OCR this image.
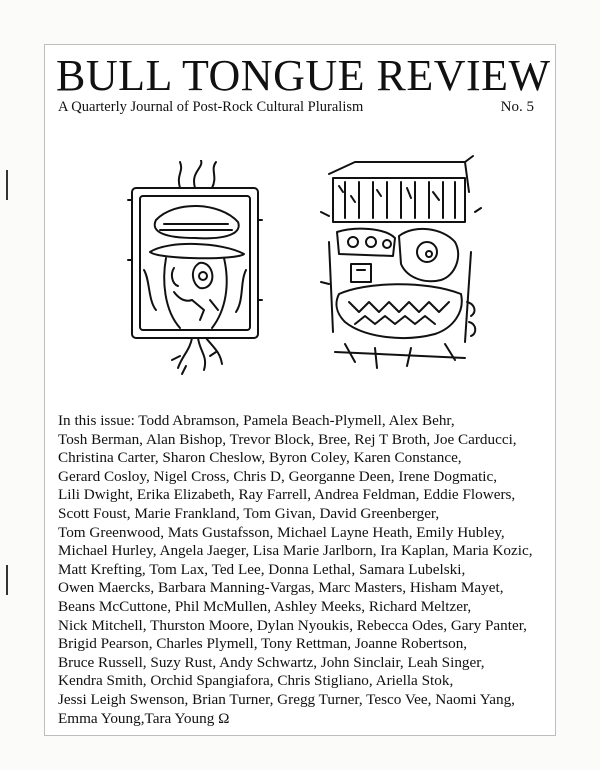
BULL TONGUE REVIEW
A Quarterly Journal of Post-Rock Cultural Pluralism	No. 5
In this issue: Todd Abramson, Pamela Beach-Plymell, Alex Behr,
Tosh Berman, Alan Bishop, Trevor Block, Bree, Rej T Broth, Joe Carducci,
Christina Carter, Sharon Cheslow, Byron Coley, Karen Constance,
Gerard Cosloy, Nigel Cross, Chris D, Georganne Deen, Irene Dogmatic,
Lili Dwight, Erika Elizabeth, Ray Farrell, Andrea Feldman, Eddie Flowers,
Scott Foust, Marie Frankland, Tom Givan, David Greenberger,
Tom Greenwood, Mats Gustafsson, Michael Layne Heath, Emily Hubley,
Michael Hurley, Angela Jaeger, Lisa Marie Jarlborn, Ira Kaplan, Maria Kozic,
Matt Krefting, Tom Lax, Ted Lee, Donna Lethal, Samara Lubelski,
Owen Maercks, Barbara Manning-Vargas, Marc Masters, Hisham Mayet,
Beans McCuttone, Phil McMullen, Ashley Meeks, Richard Meltzer,
Nick Mitchell, Thurston Moore, Dylan Nyoukis, Rebecca Odes, Gary Panter,
Brigid Pearson, Charles Plymell, Tony Rettman, Joanne Robertson,
Bruce Russell, Suzy Rust, Andy Schwartz, John Sinclair, Leah Singer,
Kendra Smith, Orchid Spangiafora, Chris Stigliano, Ariella Stok,
Jessi Leigh Swenson, Brian Turner, Gregg Turner, Tesco Vee, Naomi Yang,
Emma Young,Tara Young Ω
